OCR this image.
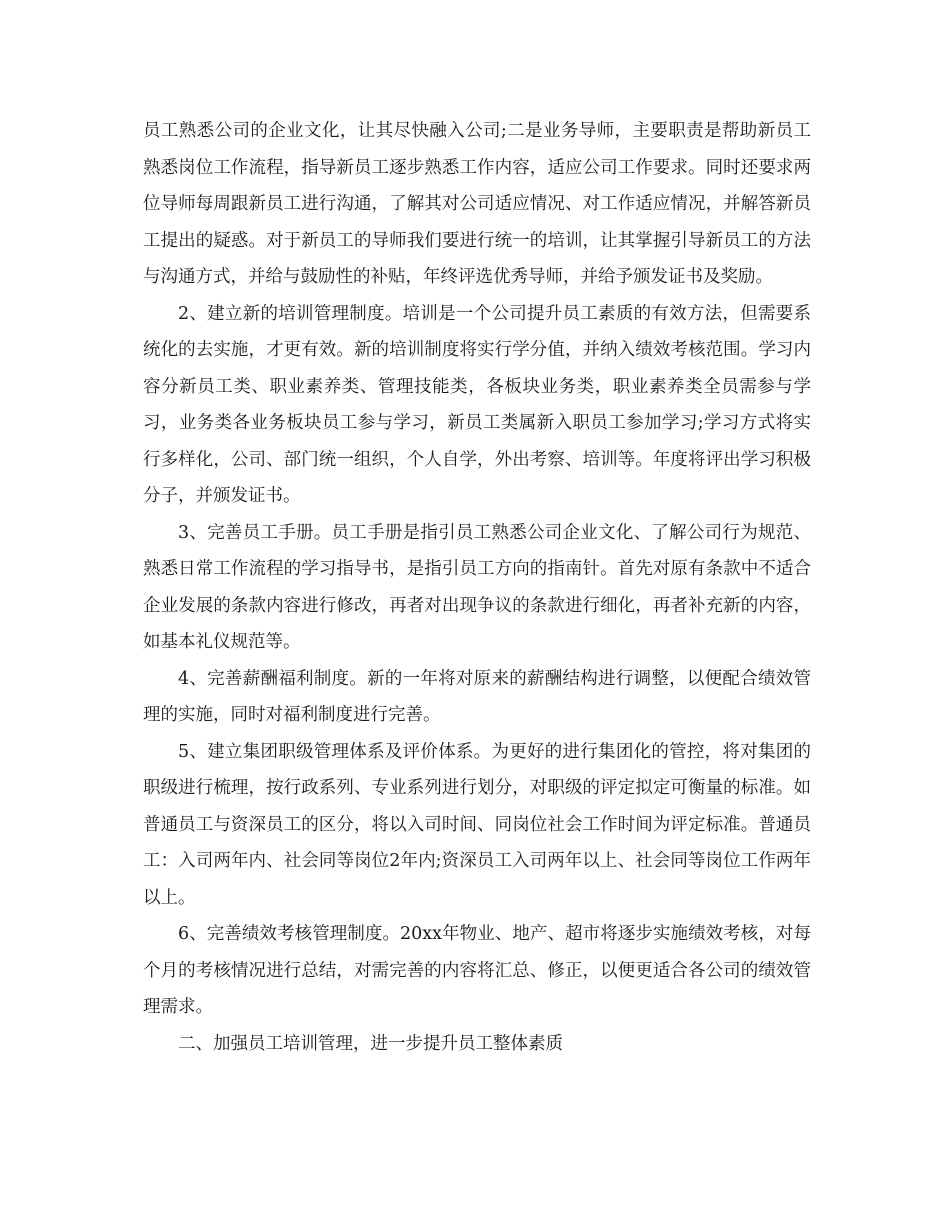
员工熟悉公司的企业文化，让其尽快融入公司;二是业务导师，主要职责是帮助新员工熟悉岗位工作流程，指导新员工逐步熟悉工作内容，适应公司工作要求。同时还要求两位导师每周跟新员工进行沟通，了解其对公司适应情况、对工作适应情况，并解答新员工提出的疑惑。对于新员工的导师我们要进行统一的培训，让其掌握引导新员工的方法与沟通方式，并给与鼓励性的补贴，年终评选优秀导师，并给予颁发证书及奖励。

2、建立新的培训管理制度。培训是一个公司提升员工素质的有效方法，但需要系统化的去实施，才更有效。新的培训制度将实行学分值，并纳入绩效考核范围。学习内容分新员工类、职业素养类、管理技能类，各板块业务类，职业素养类全员需参与学习，业务类各业务板块员工参与学习，新员工类属新入职员工参加学习;学习方式将实行多样化，公司、部门统一组织，个人自学，外出考察、培训等。年度将评出学习积极分子，并颁发证书。

3、完善员工手册。员工手册是指引员工熟悉公司企业文化、了解公司行为规范、熟悉日常工作流程的学习指导书，是指引员工方向的指南针。首先对原有条款中不适合企业发展的条款内容进行修改，再者对出现争议的条款进行细化，再者补充新的内容，如基本礼仪规范等。

4、完善薪酬福利制度。新的一年将对原来的薪酬结构进行调整，以便配合绩效管理的实施，同时对福利制度进行完善。

5、建立集团职级管理体系及评价体系。为更好的进行集团化的管控，将对集团的职级进行梳理，按行政系列、专业系列进行划分，对职级的评定拟定可衡量的标准。如普通员工与资深员工的区分，将以入司时间、同岗位社会工作时间为评定标准。普通员工：入司两年内、社会同等岗位2年内;资深员工入司两年以上、社会同等岗位工作两年以上。

6、完善绩效考核管理制度。20xx年物业、地产、超市将逐步实施绩效考核，对每个月的考核情况进行总结，对需完善的内容将汇总、修正，以便更适合各公司的绩效管理需求。

二、加强员工培训管理，进一步提升员工整体素质
